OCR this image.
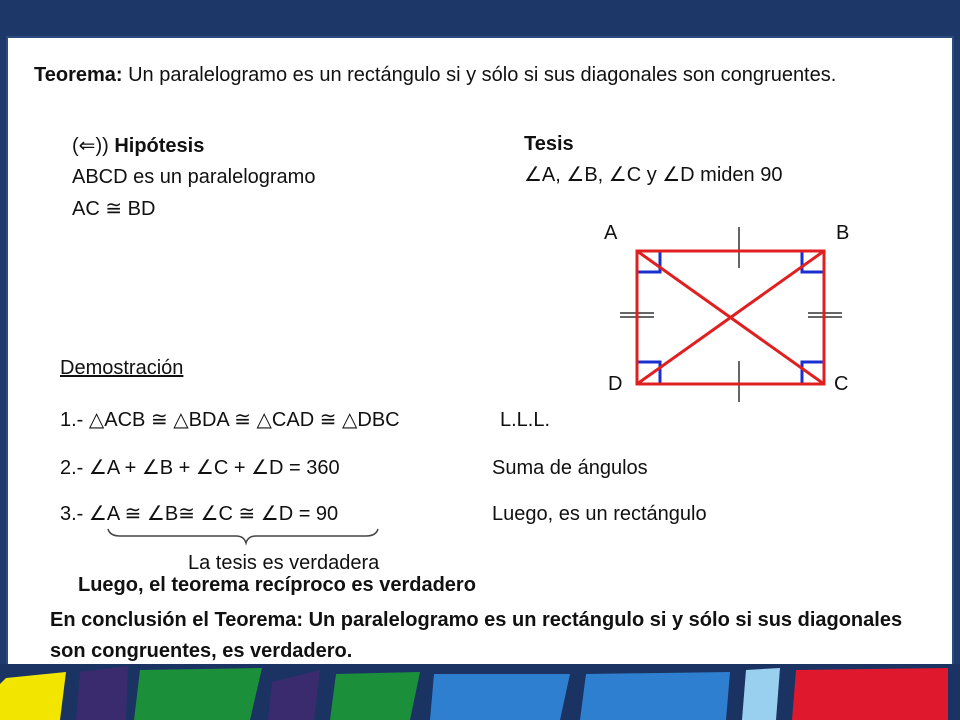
Teorema: Un paralelogramo es un rectángulo si y sólo si sus diagonales son congruentes.
(⇐)) Hipótesis
ABCD es un paralelogramo
AC ≅ BD
Tesis
∠A, ∠B, ∠C y ∠D miden 90
A	B
D	C
Demostración
1.- △ACB ≅ △BDA ≅ △CAD ≅ △DBC	L.L.L.
2.- ∠A + ∠B + ∠C + ∠D = 360	Suma de ángulos
3.- ∠A ≅ ∠B≅ ∠C ≅ ∠D = 90	Luego, es un rectángulo
La tesis es verdadera
Luego, el teorema recíproco es verdadero
En conclusión el Teorema: Un paralelogramo es un rectángulo si y sólo si sus diagonales son congruentes, es verdadero.
